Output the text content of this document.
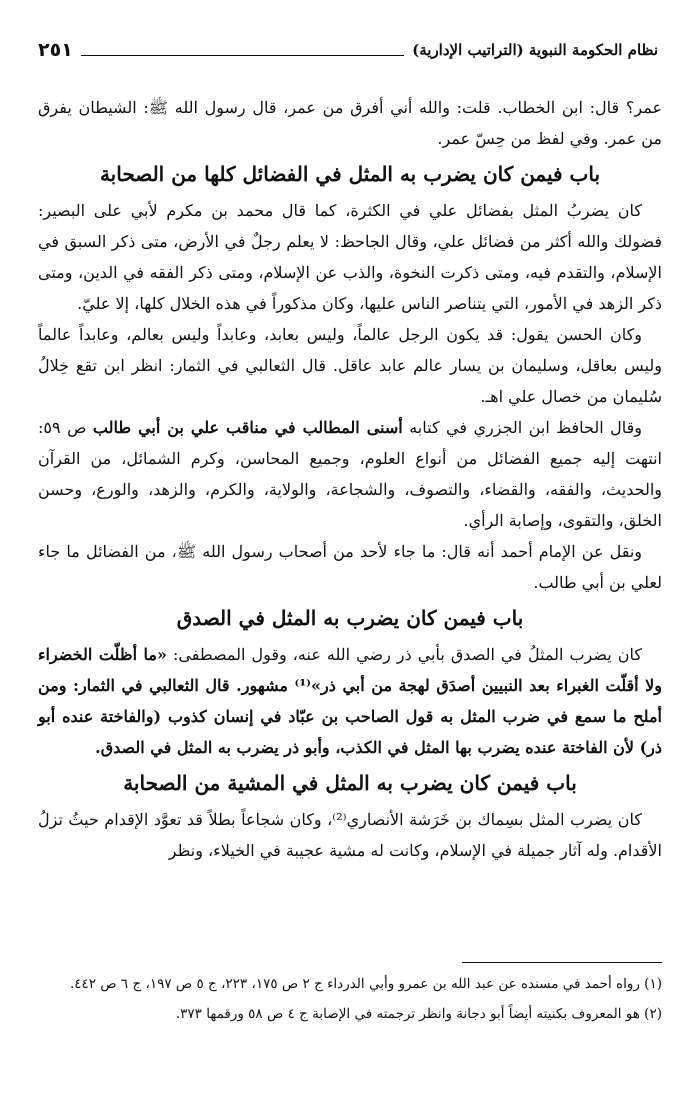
نظام الحكومة النبوية (التراتيب الإدارية)
٢٥١

عمر؟ قال: ابن الخطاب. قلت: والله أني أفرق من عمر، قال رسول الله ﷺ: الشيطان يفرق من عمر. وفي لفظ من حِسّ عمر.

باب فيمن كان يضرب به المثل في الفضائل كلها من الصحابة

كان يضربُ المثل بفضائل علي في الكثرة، كما قال محمد بن مكرم لأبي على البصير: فضولك والله أكثر من فضائل علي، وقال الجاحظ: لا يعلم رجلٌ في الأرض، متى ذكر السبق في الإسلام، والتقدم فيه، ومتى ذكرت النخوة، والذب عن الإسلام، ومتى ذكر الفقه في الدين، ومتى ذكر الزهد في الأمور، التي يتناصر الناس عليها، وكان مذكوراً في هذه الخلال كلها، إلا عليّ.

وكان الحسن يقول: قد يكون الرجل عالماً، وليس بعابد، وعابداً وليس بعالم، وعابداً عالماً وليس بعاقل، وسليمان بن يسار عالم عابد عاقل. قال الثعالبي في الثمار: انظر ابن تقع خِلالُ سُليمان من خصال علي اهـ.

وقال الحافظ ابن الجزري في كتابه أسنى المطالب في مناقب علي بن أبي طالب ص ٥٩: انتهت إليه جميع الفضائل من أنواع العلوم، وجميع المحاسن، وكرم الشمائل، من القرآن والحديث، والفقه، والقضاء، والتصوف، والشجاعة، والولاية، والكرم، والزهد، والورع، وحسن الخلق، والتقوى، وإصابة الرأي.

ونقل عن الإمام أحمد أنه قال: ما جاء لأحد من أصحاب رسول الله ﷺ، من الفضائل ما جاء لعلي بن أبي طالب.

باب فيمن كان يضرب به المثل في الصدق

كان يضرب المثلُ في الصدق بأبي ذر رضي الله عنه، وقول المصطفى: «ما أظلّت الخضراء ولا أقلّت الغبراء بعد النبيين أصدَق لهجة من أبي ذر»⁽¹⁾ مشهور. قال الثعالبي في الثمار: ومن أملح ما سمع في ضرب المثل به قول الصاحب بن عبّاد في إنسان كذوب (والفاختة عنده أبو ذر) لأن الفاختة عنده يضرب بها المثل في الكذب، وأبو ذر يضرب به المثل في الصدق.

باب فيمن كان يضرب به المثل في المشية من الصحابة

كان يضرب المثل بسِماك بن خَرَشة الأنصاري⁽²⁾، وكان شجاعاً بطلاً قد تعوَّد الإقدام حيثُ تزلُ الأقدام. وله آثار جميلة في الإسلام، وكانت له مشية عجيبة في الخيلاء، ونظر

(١) رواه أحمد في مسنده عن عبد الله بن عمرو وأبي الدرداء ج ٢ ص ١٧٥، ٢٢٣، ج ٥ ص ١٩٧، ج ٦ ص ٤٤٢.
(٢) هو المعروف بكنيته أيضاً أبو دجانة وانظر ترجمته في الإصابة ج ٤ ص ٥٨ ورقمها ٣٧٣.
